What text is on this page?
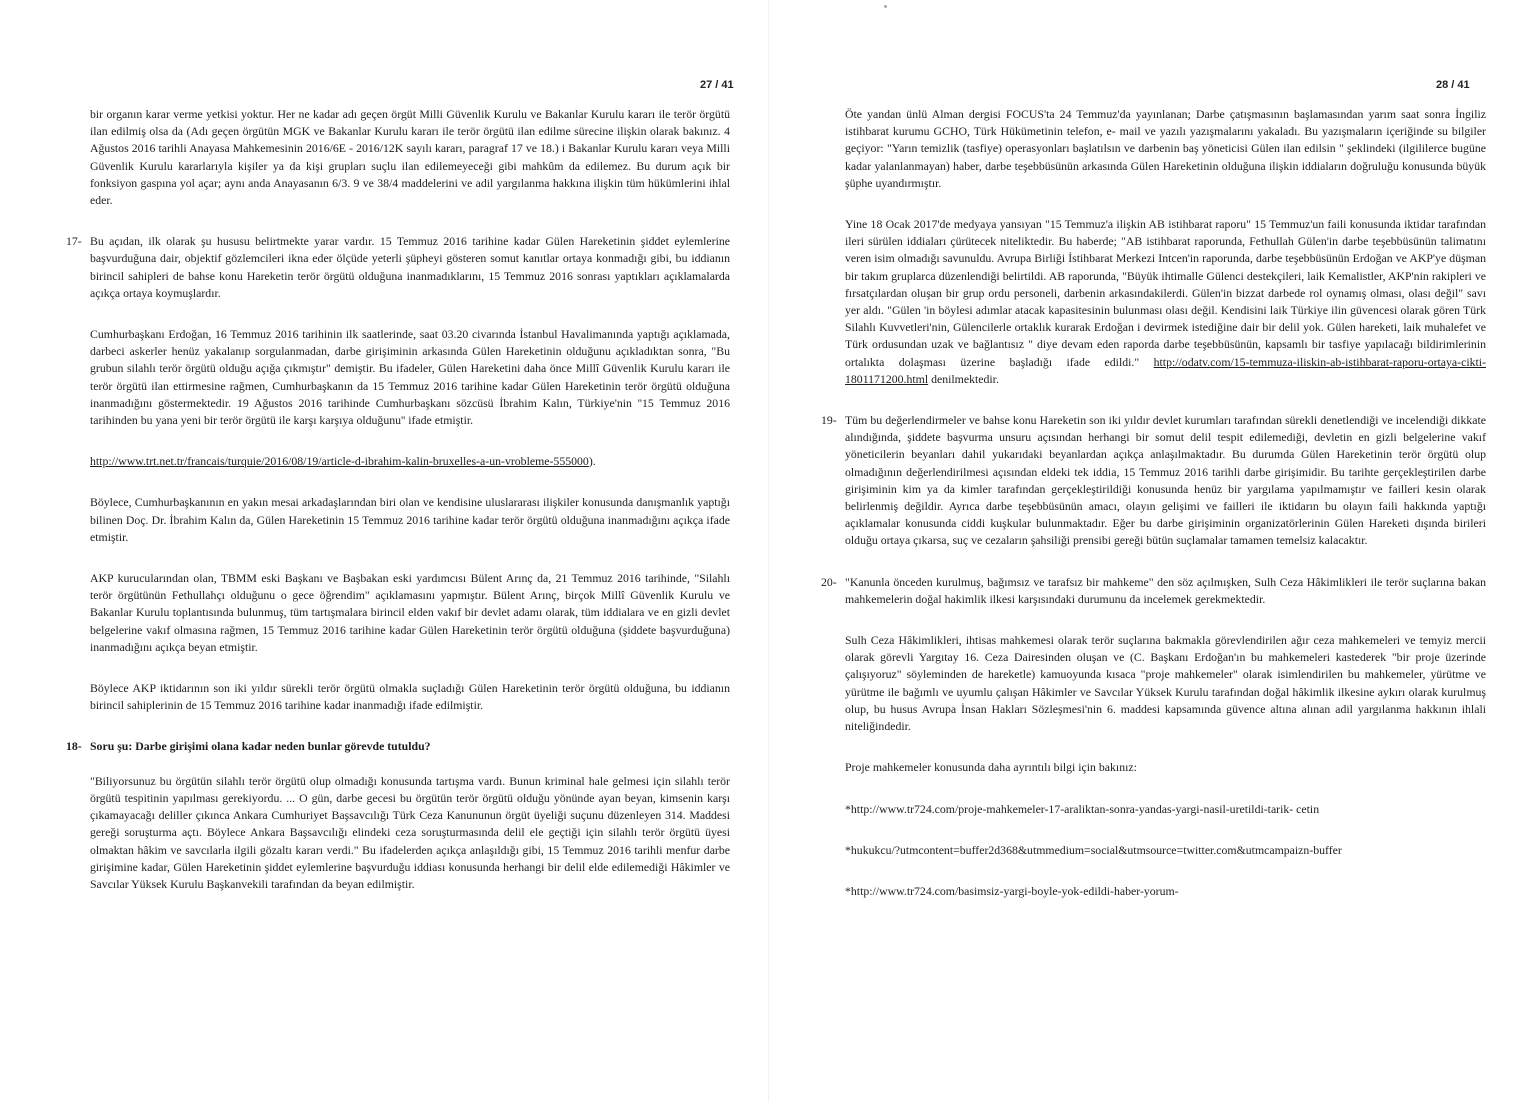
27 / 41

bir organın karar verme yetkisi yoktur. Her ne kadar adı geçen örgüt Milli Güvenlik Kurulu ve Bakanlar Kurulu kararı ile terör örgütü ilan edilmiş olsa da (Adı geçen örgütün MGK ve Bakanlar Kurulu kararı ile terör örgütü ilan edilme sürecine ilişkin olarak bakınız. 4 Ağustos 2016 tarihli Anayasa Mahkemesinin 2016/6E - 2016/12K sayılı kararı, paragraf 17 ve 18.) i Bakanlar Kurulu kararı veya Milli Güvenlik Kurulu kararlarıyla kişiler ya da kişi grupları suçlu ilan edilemeyeceği gibi mahkûm da edilemez. Bu durum açık bir fonksiyon gaspına yol açar; aynı anda Anayasanın 6/3. 9 ve 38/4 maddelerini ve adil yargılanma hakkına ilişkin tüm hükümlerini ihlal eder.

17- Bu açıdan, ilk olarak şu hususu belirtmekte yarar vardır. 15 Temmuz 2016 tarihine kadar Gülen Hareketinin şiddet eylemlerine başvurduğuna dair, objektif gözlemcileri ikna eder ölçüde yeterli şüpheyi gösteren somut kanıtlar ortaya konmadığı gibi, bu iddianın birincil sahipleri de bahse konu Hareketin terör örgütü olduğuna inanmadıklarını, 15 Temmuz 2016 sonrası yaptıkları açıklamalarda açıkça ortaya koymuşlardır.

Cumhurbaşkanı Erdoğan, 16 Temmuz 2016 tarihinin ilk saatlerinde, saat 03.20 civarında İstanbul Havalimanında yaptığı açıklamada, darbeci askerler henüz yakalanıp sorgulanmadan, darbe girişiminin arkasında Gülen Hareketinin olduğunu açıkladıktan sonra, "Bu grubun silahlı terör örgütü olduğu açığa çıkmıştır" demiştir. Bu ifadeler, Gülen Hareketini daha önce Millî Güvenlik Kurulu kararı ile terör örgütü ilan ettirmesine rağmen, Cumhurbaşkanın da 15 Temmuz 2016 tarihine kadar Gülen Hareketinin terör örgütü olduğuna inanmadığını göstermektedir. 19 Ağustos 2016 tarihinde Cumhurbaşkanı sözcüsü İbrahim Kalın, Türkiye'nin ''15 Temmuz 2016 tarihinden bu yana yeni bir terör örgütü ile karşı karşıya olduğunu'' ifade etmiştir.

http://www.trt.net.tr/francais/turquie/2016/08/19/article-d-ibrahim-kalin-bruxelles-a-un-vrobleme-555000).

Böylece, Cumhurbaşkanının en yakın mesai arkadaşlarından biri olan ve kendisine uluslararası ilişkiler konusunda danışmanlık yaptığı bilinen Doç. Dr. İbrahim Kalın da, Gülen Hareketinin 15 Temmuz 2016 tarihine kadar terör örgütü olduğuna inanmadığını açıkça ifade etmiştir.

AKP kurucularından olan, TBMM eski Başkanı ve Başbakan eski yardımcısı Bülent Arınç da, 21 Temmuz 2016 tarihinde, "Silahlı terör örgütünün Fethullahçı olduğunu o gece öğrendim" açıklamasını yapmıştır. Bülent Arınç, birçok Millî Güvenlik Kurulu ve Bakanlar Kurulu toplantısında bulunmuş, tüm tartışmalara birincil elden vakıf bir devlet adamı olarak, tüm iddialara ve en gizli devlet belgelerine vakıf olmasına rağmen, 15 Temmuz 2016 tarihine kadar Gülen Hareketinin terör örgütü olduğuna (şiddete başvurduğuna) inanmadığını açıkça beyan etmiştir.

Böylece AKP iktidarının son iki yıldır sürekli terör örgütü olmakla suçladığı Gülen Hareketinin terör örgütü olduğuna, bu iddianın birincil sahiplerinin de 15 Temmuz 2016 tarihine kadar inanmadığı ifade edilmiştir.

18- Soru şu: Darbe girişimi olana kadar neden bunlar görevde tutuldu?

"Biliyorsunuz bu örgütün silahlı terör örgütü olup olmadığı konusunda tartışma vardı. Bunun kriminal hale gelmesi için silahlı terör örgütü tespitinin yapılması gerekiyordu. ... O gün, darbe gecesi bu örgütün terör örgütü olduğu yönünde ayan beyan, kimsenin karşı çıkamayacağı deliller çıkınca Ankara Cumhuriyet Başsavcılığı Türk Ceza Kanununun örgüt üyeliği suçunu düzenleyen 314. Maddesi gereği soruşturma açtı. Böylece Ankara Başsavcılığı elindeki ceza soruşturmasında delil ele geçtiği için silahlı terör örgütü üyesi olmaktan hâkim ve savcılarla ilgili gözaltı kararı verdi." Bu ifadelerden açıkça anlaşıldığı gibi, 15 Temmuz 2016 tarihli menfur darbe girişimine kadar, Gülen Hareketinin şiddet eylemlerine başvurduğu iddiası konusunda herhangi bir delil elde edilemediği Hâkimler ve Savcılar Yüksek Kurulu Başkanvekili tarafından da beyan edilmiştir.

28 / 41

Öte yandan ünlü Alman dergisi FOCUS'ta 24 Temmuz'da yayınlanan; Darbe çatışmasının başlamasından yarım saat sonra İngiliz istihbarat kurumu GCHO, Türk Hükümetinin telefon, e- mail ve yazılı yazışmalarını yakaladı. Bu yazışmaların içeriğinde su bilgiler geçiyor: "Yarın temizlik (tasfiye) operasyonları başlatılsın ve darbenin baş yöneticisi Gülen ilan edilsin " şeklindeki (ilgililerce bugüne kadar yalanlanmayan) haber, darbe teşebbüsünün arkasında Gülen Hareketinin olduğuna ilişkin iddiaların doğruluğu konusunda büyük şüphe uyandırmıştır.

Yine 18 Ocak 2017'de medyaya yansıyan "15 Temmuz'a ilişkin AB istihbarat raporu" 15 Temmuz'un faili konusunda iktidar tarafından ileri sürülen iddiaları çürütecek niteliktedir. Bu haberde; "AB istihbarat raporunda, Fethullah Gülen'in darbe teşebbüsünün talimatını veren isim olmadığı savunuldu. Avrupa Birliği İstihbarat Merkezi Intcen'in raporunda, darbe teşebbüsünün Erdoğan ve AKP'ye düşman bir takım gruplarca düzenlendiği belirtildi. AB raporunda, "Büyük ihtimalle Gülenci destekçileri, laik Kemalistler, AKP'nin rakipleri ve fırsatçılardan oluşan bir grup ordu personeli, darbenin arkasındakilerdi. Gülen'in bizzat darbede rol oynamış olması, olası değil" savı yer aldı. "Gülen 'in böylesi adımlar atacak kapasitesinin bulunması olası değil. Kendisini laik Türkiye ilin güvencesi olarak gören Türk Silahlı Kuvvetleri'nin, Gülencilerle ortaklık kurarak Erdoğan i devirmek istediğine dair bir delil yok. Gülen hareketi, laik muhalefet ve Türk ordusundan uzak ve bağlantısız " diye devam eden raporda darbe teşebbüsünün, kapsamlı bir tasfiye yapılacağı bildirimlerinin ortalıkta dolaşması üzerine başladığı ifade edildi." http://odatv.com/15-temmuza-iliskin-ab-istihbarat-raporu-ortaya-cikti-1801171200.html denilmektedir.

19- Tüm bu değerlendirmeler ve bahse konu Hareketin son iki yıldır devlet kurumları tarafından sürekli denetlendiği ve incelendiği dikkate alındığında, şiddete başvurma unsuru açısından herhangi bir somut delil tespit edilemediği, devletin en gizli belgelerine vakıf yöneticilerin beyanları dahil yukarıdaki beyanlardan açıkça anlaşılmaktadır. Bu durumda Gülen Hareketinin terör örgütü olup olmadığının değerlendirilmesi açısından eldeki tek iddia, 15 Temmuz 2016 tarihli darbe girişimidir. Bu tarihte gerçekleştirilen darbe girişiminin kim ya da kimler tarafından gerçekleştirildiği konusunda henüz bir yargılama yapılmamıştır ve failleri kesin olarak belirlenmiş değildir. Ayrıca darbe teşebbüsünün amacı, olayın gelişimi ve failleri ile iktidarın bu olayın faili hakkında yaptığı açıklamalar konusunda ciddi kuşkular bulunmaktadır. Eğer bu darbe girişiminin organizatörlerinin Gülen Hareketi dışında birileri olduğu ortaya çıkarsa, suç ve cezaların şahsiliği prensibi gereği bütün suçlamalar tamamen temelsiz kalacaktır.

20- "Kanunla önceden kurulmuş, bağımsız ve tarafsız bir mahkeme" den söz açılmışken, Sulh Ceza Hâkimlikleri ile terör suçlarına bakan mahkemelerin doğal hakimlik ilkesi karşısındaki durumunu da incelemek gerekmektedir.

Sulh Ceza Hâkimlikleri, ihtisas mahkemesi olarak terör suçlarına bakmakla görevlendirilen ağır ceza mahkemeleri ve temyiz mercii olarak görevli Yargıtay 16. Ceza Dairesinden oluşan ve (C. Başkanı Erdoğan'ın bu mahkemeleri kastederek "bir proje üzerinde çalışıyoruz" söyleminden de hareketle) kamuoyunda kısaca "proje mahkemeler" olarak isimlendirilen bu mahkemeler, yürütme ve yürütme ile bağımlı ve uyumlu çalışan Hâkimler ve Savcılar Yüksek Kurulu tarafından doğal hâkimlik ilkesine aykırı olarak kurulmuş olup, bu husus Avrupa İnsan Hakları Sözleşmesi'nin 6. maddesi kapsamında güvence altına alınan adil yargılanma hakkının ihlali niteliğindedir.

Proje mahkemeler konusunda daha ayrıntılı bilgi için bakınız:

*http://www.tr724.com/proje-mahkemeler-17-araliktan-sonra-yandas-yargi-nasil-uretildi-tarik- cetin

*hukukcu/?utmcontent=buffer2d368&utmmedium=social&utmsource=twitter.com&utmcampaizn-buffer

*http://www.tr724.com/basimsiz-yargi-boyle-yok-edildi-haber-yorum-
